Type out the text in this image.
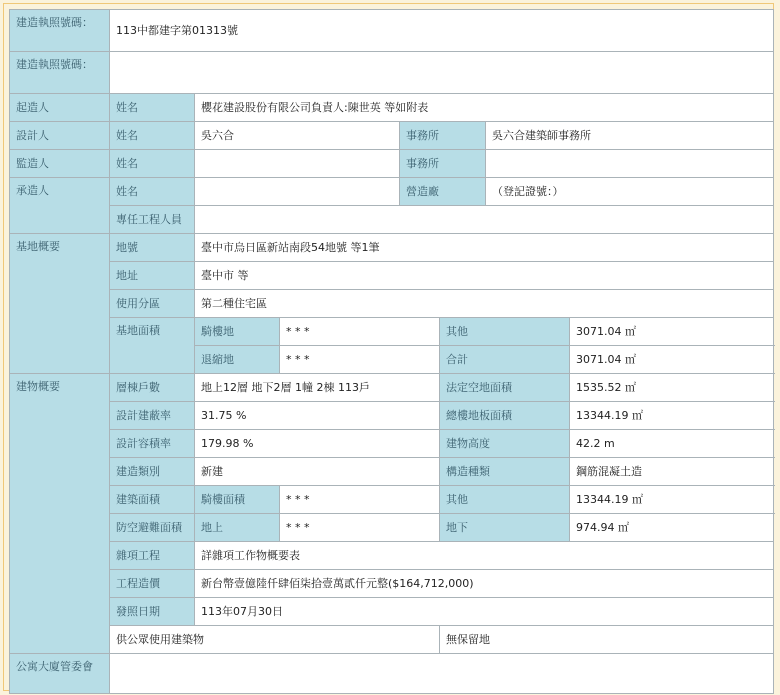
建造執照號碼：	113中都建字第01313號						
建造執照號碼：							
起造人	姓名	櫻花建設股份有限公司負責人:陳世英 等如附表					
設計人	姓名	吳六合		事務所		吳六合建築師事務所	
監造人	姓名			事務所			
承造人	姓名			營造廠		（登記證號：）	
	專任工程人員						
基地概要	地號	臺中市烏日區新站南段54地號 等1筆					
	地址	臺中市 等					
	使用分區	第二種住宅區					
	基地面積	騎樓地	* * *		其他		3071.04 ㎡
		退縮地	* * *		合計		3071.04 ㎡
建物概要	層棟戶數	地上12層 地下2層 1幢 2棟 113戶			法定空地面積		1535.52 ㎡
	設計建蔽率	31.75 %			總樓地板面積		13344.19 ㎡
	設計容積率	179.98 %			建物高度		42.2 m
	建造類別	新建			構造種類		鋼筋混凝土造
	建築面積	騎樓面積	* * *		其他		13344.19 ㎡
	防空避難面積	地上	* * *		地下		974.94 ㎡
	雜項工程	詳雜項工作物概要表					
	工程造價	新台幣壹億陸仟肆佰柒拾壹萬貳仟元整($164,712,000)					
	發照日期	113年07月30日					
	供公眾使用建築物				無保留地		
公寓大廈管委會							
